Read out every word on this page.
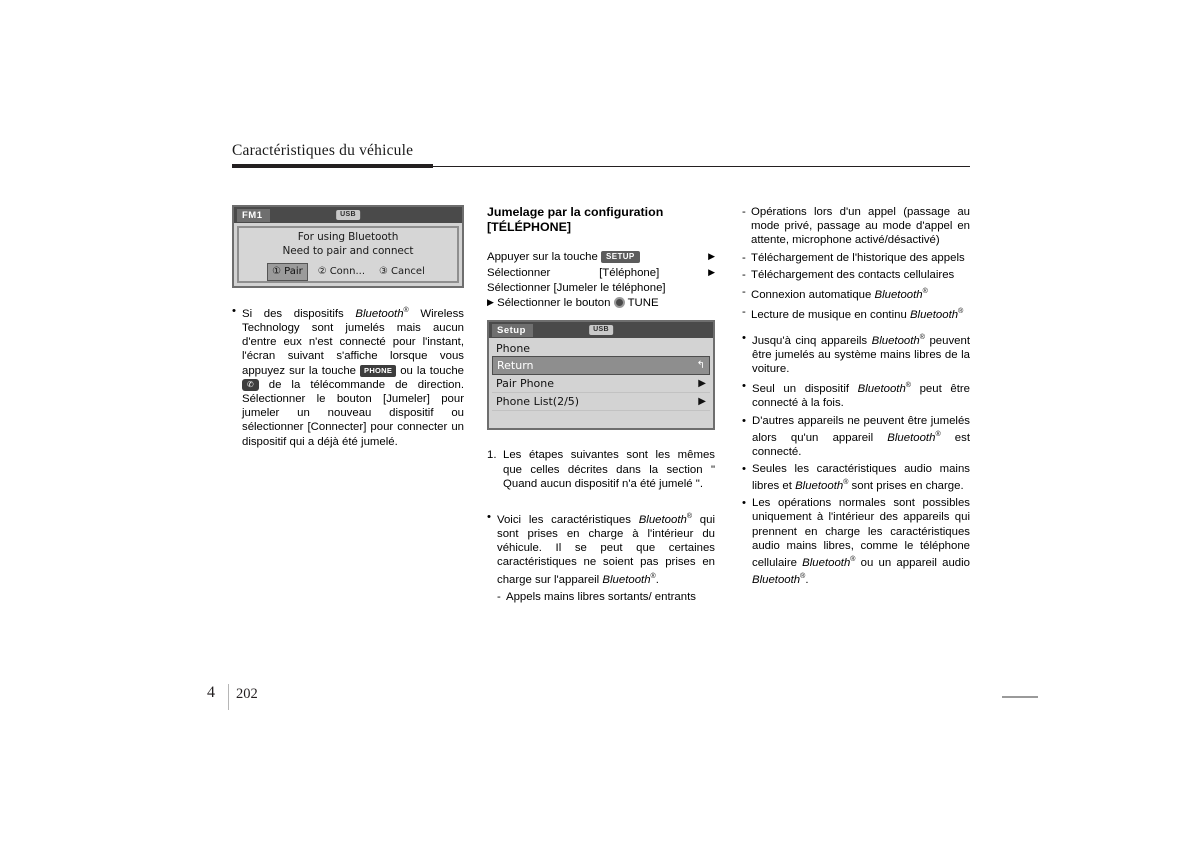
Caractéristiques du véhicule
FM1	USB
For using Bluetooth
Need to pair and connect
① Pair ② Conn... ③ Cancel
• Si des dispositifs Bluetooth® Wireless Technology sont jumelés mais aucun d'entre eux n'est connecté pour l'instant, l'écran suivant s'affiche lorsque vous appuyez sur la touche PHONE ou la touche ✆ de la télécommande de direction. Sélectionner le bouton [Jumeler] pour jumeler un nouveau dispositif ou sélectionner [Connecter] pour connecter un dispositif qui a déjà été jumelé.
Jumelage par la configuration
[TÉLÉPHONE]
Appuyer sur la touche SETUP	▶
Sélectionner	[Téléphone]	▶
Sélectionner [Jumeler le téléphone]
▶ Sélectionner le bouton TUNE
Setup	USB
Phone
Return	↰
Pair Phone	▶
Phone List(2/5)	▶
1. Les étapes suivantes sont les mêmes que celles décrites dans la section " Quand aucun dispositif n'a été jumelé ".
• Voici les caractéristiques Bluetooth® qui sont prises en charge à l'intérieur du véhicule. Il se peut que certaines caractéristiques ne soient pas prises en charge sur l'appareil Bluetooth®.
- Appels mains libres sortants/ entrants
- Opérations lors d'un appel (passage au mode privé, passage au mode d'appel en attente, microphone activé/désactivé)
- Téléchargement de l'historique des appels
- Téléchargement des contacts cellulaires
- Connexion automatique Bluetooth®
- Lecture de musique en continu Bluetooth®
• Jusqu'à cinq appareils Bluetooth® peuvent être jumelés au système mains libres de la voiture.
• Seul un dispositif Bluetooth® peut être connecté à la fois.
• D'autres appareils ne peuvent être jumelés alors qu'un appareil Bluetooth® est connecté.
• Seules les caractéristiques audio mains libres et Bluetooth® sont prises en charge.
• Les opérations normales sont possibles uniquement à l'intérieur des appareils qui prennent en charge les caractéristiques audio mains libres, comme le téléphone cellulaire Bluetooth® ou un appareil audio Bluetooth®.
4 202
